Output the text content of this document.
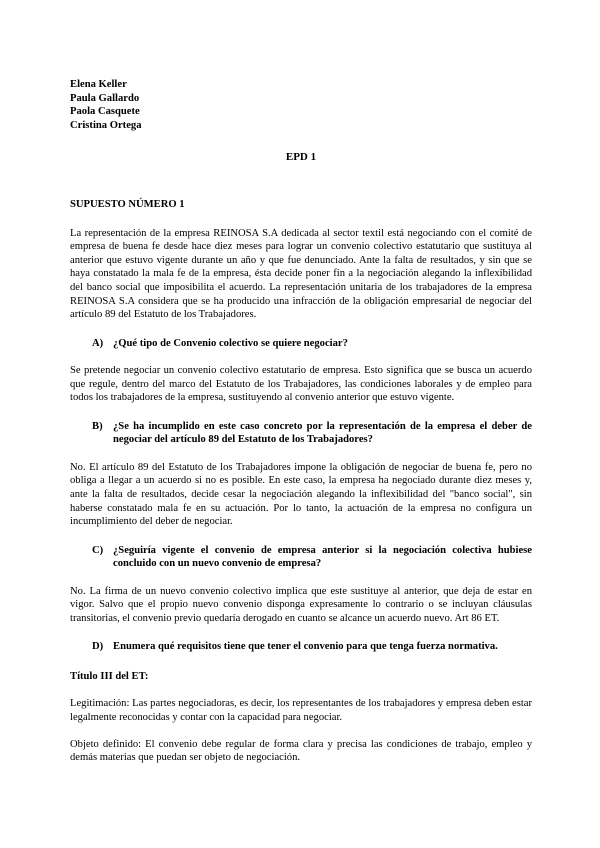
Elena Keller

Paula Gallardo

Paola Casquete

Cristina Ortega

EPD 1
SUPUESTO NÚMERO 1

La representación de la empresa REINOSA S.A dedicada al sector textil está negociando con el comité de empresa de buena fe desde hace diez meses para lograr un convenio colectivo estatutario que sustituya al anterior que estuvo vigente durante un año y que fue denunciado. Ante la falta de resultados, y sin que se haya constatado la mala fe de la empresa, ésta decide poner fin a la negociación alegando la inflexibilidad del banco social que imposibilita el acuerdo. La representación unitaria de los trabajadores de la empresa REINOSA S.A considera que se ha producido una infracción de la obligación empresarial de negociar del artículo 89 del Estatuto de los Trabajadores.

A) ¿Qué tipo de Convenio colectivo se quiere negociar?

Se pretende negociar un convenio colectivo estatutario de empresa. Esto significa que se busca un acuerdo que regule, dentro del marco del Estatuto de los Trabajadores, las condiciones laborales y de empleo para todos los trabajadores de la empresa, sustituyendo al convenio anterior que estuvo vigente.

B) ¿Se ha incumplido en este caso concreto por la representación de la empresa el deber de negociar del artículo 89 del Estatuto de los Trabajadores?

No. El artículo 89 del Estatuto de los Trabajadores impone la obligación de negociar de buena fe, pero no obliga a llegar a un acuerdo si no es posible. En este caso, la empresa ha negociado durante diez meses y, ante la falta de resultados, decide cesar la negociación alegando la inflexibilidad del "banco social", sin haberse constatado mala fe en su actuación. Por lo tanto, la actuación de la empresa no configura un incumplimiento del deber de negociar.

C) ¿Seguiría vigente el convenio de empresa anterior si la negociación colectiva hubiese concluido con un nuevo convenio de empresa?

No. La firma de un nuevo convenio colectivo implica que este sustituye al anterior, que deja de estar en vigor. Salvo que el propio nuevo convenio disponga expresamente lo contrario o se incluyan cláusulas transitorias, el convenio previo quedaría derogado en cuanto se alcance un acuerdo nuevo. Art 86 ET.

D) Enumera qué requisitos tiene que tener el convenio para que tenga fuerza normativa.
Título III del ET:

Legitimación: Las partes negociadoras, es decir, los representantes de los trabajadores y empresa deben estar legalmente reconocidas y contar con la capacidad para negociar.

Objeto definido: El convenio debe regular de forma clara y precisa las condiciones de trabajo, empleo y demás materias que puedan ser objeto de negociación.
